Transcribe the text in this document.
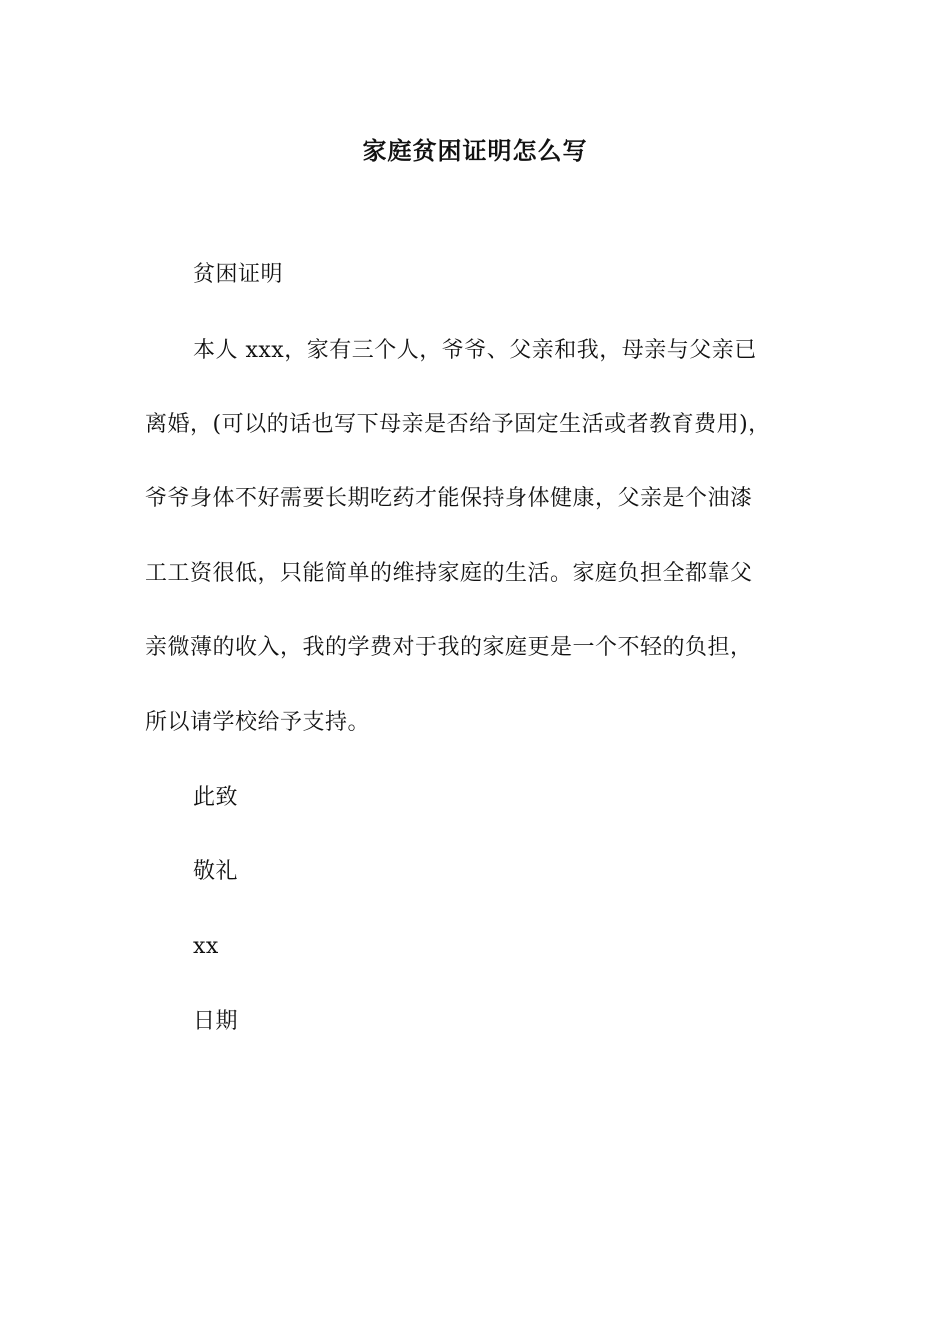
家庭贫困证明怎么写
贫困证明
本人 xxx，家有三个人，爷爷、父亲和我，母亲与父亲已
离婚，(可以的话也写下母亲是否给予固定生活或者教育费用)，
爷爷身体不好需要长期吃药才能保持身体健康，父亲是个油漆
工工资很低，只能简单的维持家庭的生活。家庭负担全都靠父
亲微薄的收入，我的学费对于我的家庭更是一个不轻的负担，
所以请学校给予支持。
此致
敬礼
xx
日期
